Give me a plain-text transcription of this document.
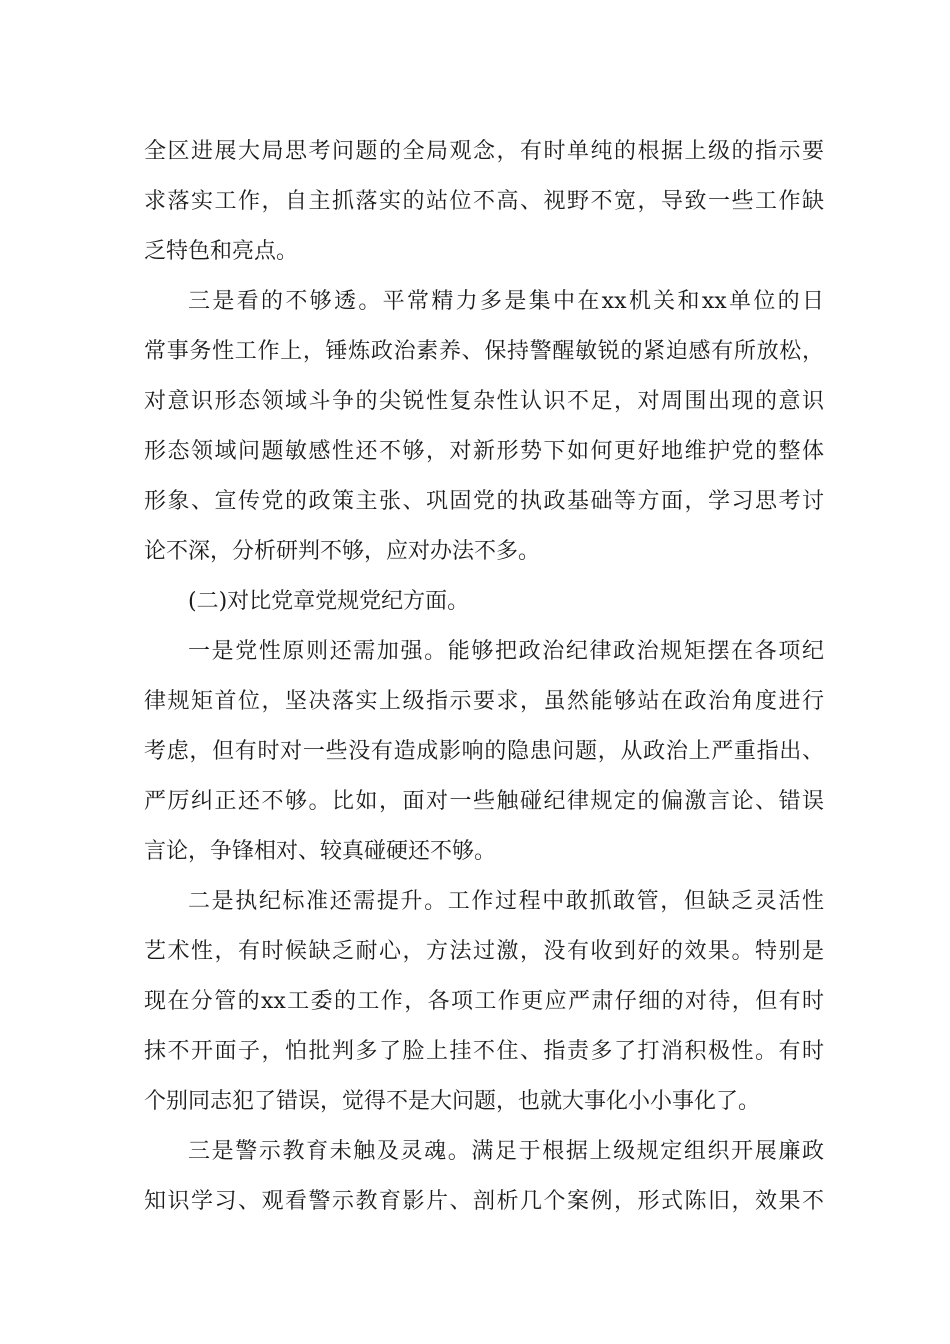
全区进展大局思考问题的全局观念，有时单纯的根据上级的指示要
求落实工作，自主抓落实的站位不高、视野不宽，导致一些工作缺
乏特色和亮点。
三是看的不够透。平常精力多是集中在xx机关和xx单位的日
常事务性工作上，锤炼政治素养、保持警醒敏锐的紧迫感有所放松，
对意识形态领域斗争的尖锐性复杂性认识不足，对周围出现的意识
形态领域问题敏感性还不够，对新形势下如何更好地维护党的整体
形象、宣传党的政策主张、巩固党的执政基础等方面，学习思考讨
论不深，分析研判不够，应对办法不多。
(二)对比党章党规党纪方面。
一是党性原则还需加强。能够把政治纪律政治规矩摆在各项纪
律规矩首位，坚决落实上级指示要求，虽然能够站在政治角度进行
考虑，但有时对一些没有造成影响的隐患问题，从政治上严重指出、
严厉纠正还不够。比如，面对一些触碰纪律规定的偏激言论、错误
言论，争锋相对、较真碰硬还不够。
二是执纪标准还需提升。工作过程中敢抓敢管，但缺乏灵活性
艺术性，有时候缺乏耐心，方法过激，没有收到好的效果。特别是
现在分管的xx工委的工作，各项工作更应严肃仔细的对待，但有时
抹不开面子，怕批判多了脸上挂不住、指责多了打消积极性。有时
个别同志犯了错误，觉得不是大问题，也就大事化小小事化了。
三是警示教育未触及灵魂。满足于根据上级规定组织开展廉政
知识学习、观看警示教育影片、剖析几个案例，形式陈旧，效果不
